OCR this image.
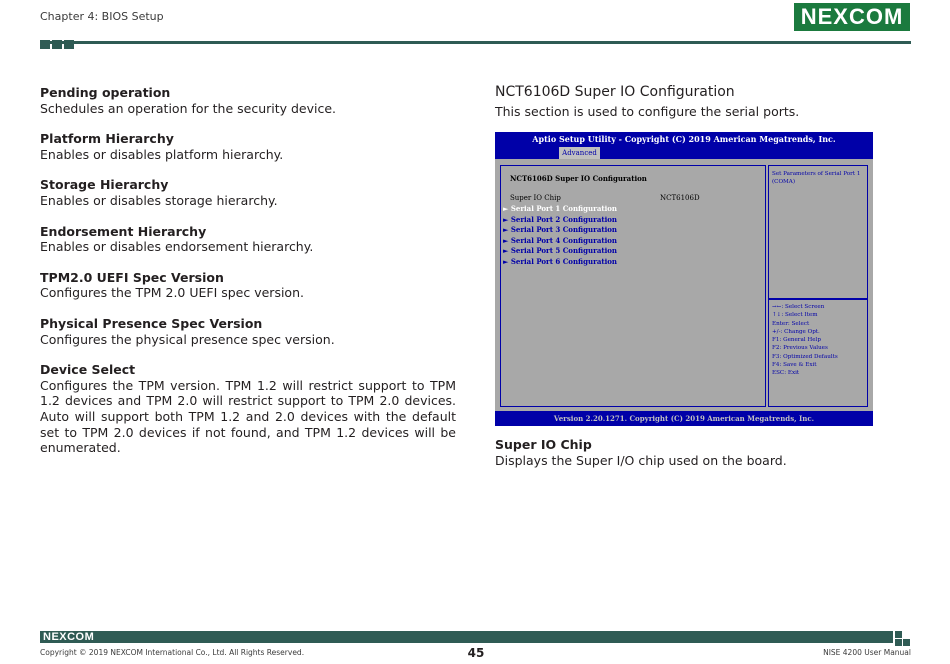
Chapter 4: BIOS Setup	NEXCOM
Pending operation
Schedules an operation for the security device.
Platform Hierarchy
Enables or disables platform hierarchy.
Storage Hierarchy
Enables or disables storage hierarchy.
Endorsement Hierarchy
Enables or disables endorsement hierarchy.
TPM2.0 UEFI Spec Version
Configures the TPM 2.0 UEFI spec version.
Physical Presence Spec Version
Configures the physical presence spec version.
Device Select
Configures the TPM version. TPM 1.2 will restrict support to TPM 1.2 devices and TPM 2.0 will restrict support to TPM 2.0 devices. Auto will support both TPM 1.2 and 2.0 devices with the default set to TPM 2.0 devices if not found, and TPM 1.2 devices will be enumerated.
NCT6106D Super IO Configuration
This section is used to configure the serial ports.
Aptio Setup Utility - Copyright (C) 2019 American Megatrends, Inc.
Advanced
NCT6106D Super IO Configuration
Super IO Chip	NCT6106D
► Serial Port 1 Configuration
► Serial Port 2 Configuration
► Serial Port 3 Configuration
► Serial Port 4 Configuration
► Serial Port 5 Configuration
► Serial Port 6 Configuration
Set Parameters of Serial Port 1 (COMA)
→←: Select Screen
↑↓: Select Item
Enter: Select
+/-: Change Opt.
F1: General Help
F2: Previous Values
F3: Optimized Defaults
F4: Save & Exit
ESC: Exit
Version 2.20.1271. Copyright (C) 2019 American Megatrends, Inc.
Super IO Chip
Displays the Super I/O chip used on the board.
NEXCOM
Copyright © 2019 NEXCOM International Co., Ltd. All Rights Reserved.	45	NISE 4200 User Manual
